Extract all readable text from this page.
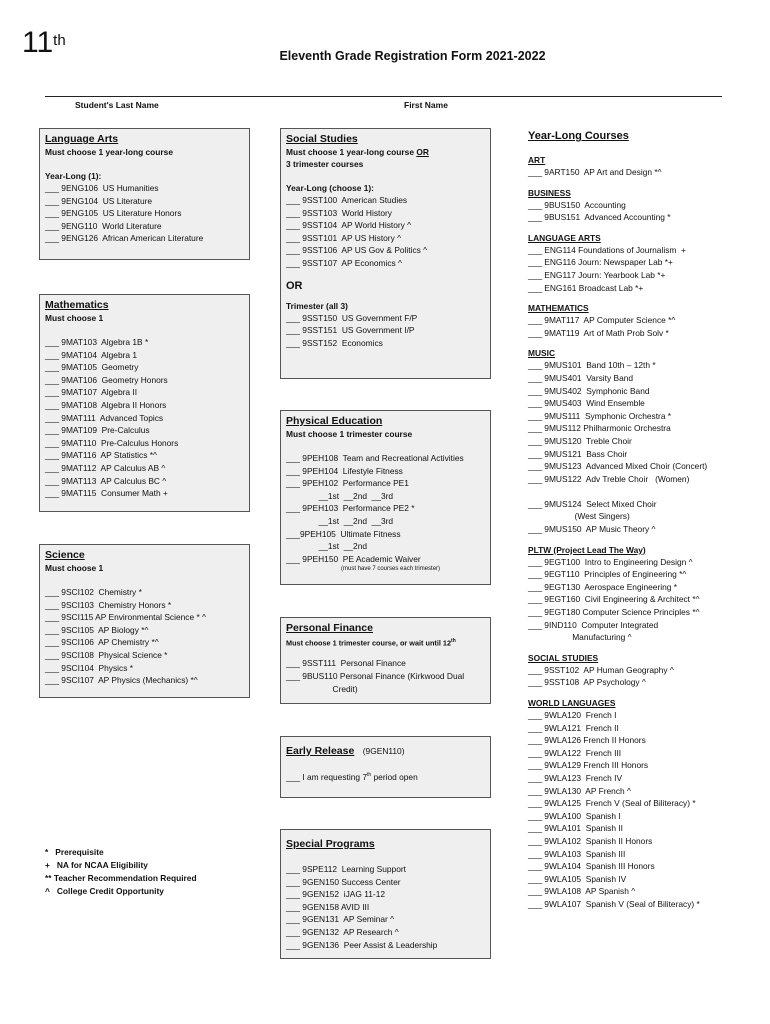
11th
Eleventh Grade Registration Form 2021-2022
Student's Last Name	First Name
Language Arts
Must choose 1 year-long course
Year-Long (1):
___ 9ENG106  US Humanities
___ 9ENG104  US Literature
___ 9ENG105  US Literature Honors
___ 9ENG110  World Literature
___ 9ENG126  African American Literature
Mathematics
Must choose 1
___ 9MAT103  Algebra 1B *
___ 9MAT104  Algebra 1
___ 9MAT105  Geometry
___ 9MAT106  Geometry Honors
___ 9MAT107  Algebra II
___ 9MAT108  Algebra II Honors
___ 9MAT111  Advanced Topics
___ 9MAT109  Pre-Calculus
___ 9MAT110  Pre-Calculus Honors
___ 9MAT116  AP Statistics *^
___ 9MAT112  AP Calculus AB ^
___ 9MAT113  AP Calculus BC ^
___ 9MAT115  Consumer Math +
Science
Must choose 1
___ 9SCI102  Chemistry *
___ 9SCI103  Chemistry Honors *
___ 9SCI115 AP Environmental Science * ^
___ 9SCI105  AP Biology *^
___ 9SCI106  AP Chemistry *^
___ 9SCI108  Physical Science *
___ 9SCI104  Physics *
___ 9SCI107  AP Physics (Mechanics) *^
Social Studies
Must choose 1 year-long course OR
3 trimester courses
Year-Long (choose 1):
___ 9SST100  American Studies
___ 9SST103  World History
___ 9SST104  AP World History ^
___ 9SST101  AP US History ^
___ 9SST106  AP US Gov & Politics ^
___ 9SST107  AP Economics ^
OR
Trimester (all 3)
___ 9SST150  US Government F/P
___ 9SST151  US Government I/P
___ 9SST152  Economics
Physical Education
Must choose 1 trimester course
___ 9PEH108  Team and Recreational Activities
___ 9PEH104  Lifestyle Fitness
___ 9PEH102  Performance PE1
__1st  __2nd  __3rd
___ 9PEH103  Performance PE2 *
__1st  __2nd  __3rd
___9PEH105  Ultimate Fitness
__1st  __2nd
___ 9PEH150  PE Academic Waiver
(must have 7 courses each trimester)
Personal Finance
Must choose 1 trimester course, or wait until 12th
___ 9SST111  Personal Finance
___ 9BUS110 Personal Finance (Kirkwood Dual
Credit)
Early Release (9GEN110)
___ I am requesting 7th period open
Special Programs
___ 9SPE112  Learning Support
___ 9GEN150 Success Center
___ 9GEN152  iJAG 11-12
___ 9GEN158 AVID III
___ 9GEN131  AP Seminar ^
___ 9GEN132  AP Research ^
___ 9GEN136  Peer Assist & Leadership
*   Prerequisite
+   NA for NCAA Eligibility
** Teacher Recommendation Required
^   College Credit Opportunity
Year-Long Courses
ART
___ 9ART150  AP Art and Design *^
BUSINESS
___ 9BUS150  Accounting
___ 9BUS151  Advanced Accounting *
LANGUAGE ARTS
___ ENG114 Foundations of Journalism  +
___ ENG116 Journ: Newspaper Lab *+
___ ENG117 Journ: Yearbook Lab *+
___ ENG161 Broadcast Lab *+
MATHEMATICS
___ 9MAT117  AP Computer Science *^
___ 9MAT119  Art of Math Prob Solv *
MUSIC
___ 9MUS101  Band 10th – 12th *
___ 9MUS401  Varsity Band
___ 9MUS402  Symphonic Band
___ 9MUS403  Wind Ensemble
___ 9MUS111  Symphonic Orchestra *
___ 9MUS112 Philharmonic Orchestra
___ 9MUS120  Treble Choir
___ 9MUS121  Bass Choir
___ 9MUS123  Advanced Mixed Choir (Concert)
___ 9MUS122  Adv Treble Choir   (Women)

___ 9MUS124  Select Mixed Choir
(West Singers)
___ 9MUS150  AP Music Theory ^
PLTW (Project Lead The Way)
___ 9EGT100  Intro to Engineering Design ^
___ 9EGT110  Principles of Engineering *^
___ 9EGT130  Aerospace Engineering *
___ 9EGT160  Civil Engineering & Architect *^
___ 9EGT180 Computer Science Principles *^
___ 9IND110  Computer Integrated
Manufacturing ^
SOCIAL STUDIES
___ 9SST102  AP Human Geography ^
___ 9SST108  AP Psychology ^
WORLD LANGUAGES
___ 9WLA120  French I
___ 9WLA121  French II
___ 9WLA126 French II Honors
___ 9WLA122  French III
___ 9WLA129 French III Honors
___ 9WLA123  French IV
___ 9WLA130  AP French ^
___ 9WLA125  French V (Seal of Biliteracy) *
___ 9WLA100  Spanish I
___ 9WLA101  Spanish II
___ 9WLA102  Spanish II Honors
___ 9WLA103  Spanish III
___ 9WLA104  Spanish III Honors
___ 9WLA105  Spanish IV
___ 9WLA108  AP Spanish ^
___ 9WLA107  Spanish V (Seal of Biliteracy) *
